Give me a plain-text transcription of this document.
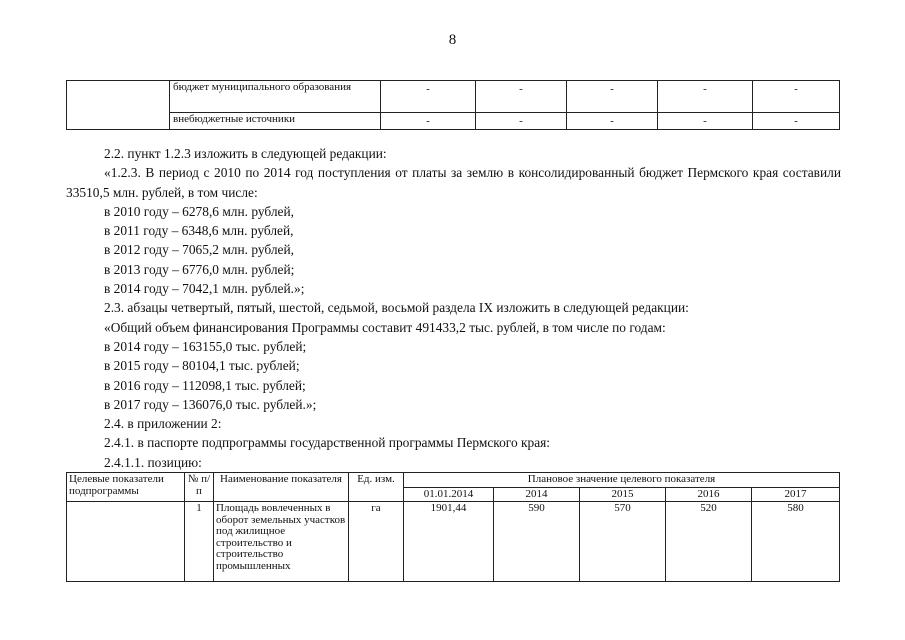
8
	бюджет муниципального образования	-	-	-	-	-
	внебюджетные источники	-	-	-	-	-

2.2. пункт 1.2.3 изложить в следующей редакции:

«1.2.3. В период с 2010 по 2014 год поступления от платы за землю в консолидированный бюджет Пермского края составили 33510,5 млн. рублей, в том числе:

в 2010 году – 6278,6 млн. рублей,

в 2011 году – 6348,6 млн. рублей,

в 2012 году – 7065,2 млн. рублей,

в 2013 году – 6776,0 млн. рублей;

в 2014 году – 7042,1 млн. рублей.»;

2.3. абзацы четвертый, пятый, шестой, седьмой, восьмой раздела IX изложить в следующей редакции:

«Общий объем финансирования Программы составит 491433,2 тыс. рублей, в том числе по годам:

в 2014 году – 163155,0 тыс. рублей;

в 2015 году – 80104,1 тыс. рублей;

в 2016 году – 112098,1 тыс. рублей;

в 2017 году – 136076,0 тыс. рублей.»;

2.4. в приложении 2:

2.4.1. в паспорте подпрограммы государственной программы Пермского края:

2.4.1.1. позицию:

Целевые показатели подпрограммы	№ п/п	Наименование показателя	Ед. изм.	Плановое значение целевого показателя				
				01.01.2014	2014	2015	2016	2017
	1	Площадь вовлеченных в оборот земельных участков под жилищное строительство и строительство промышленных	га	1901,44	590	570	520	580
